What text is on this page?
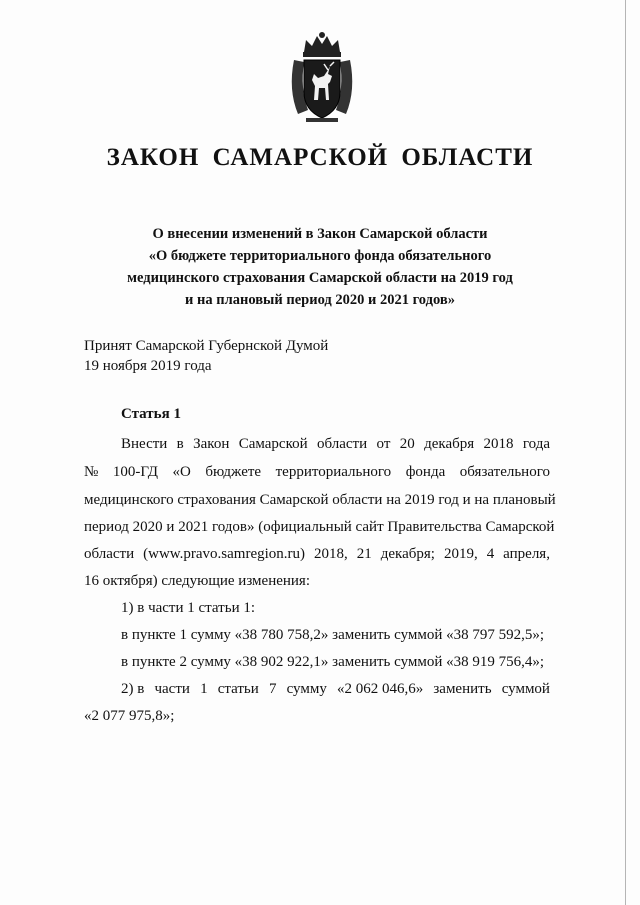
ЗАКОН САМАРСКОЙ ОБЛАСТИ
О внесении изменений в Закон Самарской области
«О бюджете территориального фонда обязательного
медицинского страхования Самарской области на 2019 год
и на плановый период 2020 и 2021 годов»
Принят Самарской Губернской Думой
19 ноября 2019 года
Статья 1
Внести в Закон Самарской области от 20 декабря 2018 года
№ 100-ГД «О бюджете территориального фонда обязательного
медицинского страхования Самарской области на 2019 год и на плановый
период 2020 и 2021 годов» (официальный сайт Правительства Самарской
области (www.pravo.samregion.ru) 2018, 21 декабря; 2019, 4 апреля,
16 октября) следующие изменения:
1) в части 1 статьи 1:
в пункте 1 сумму «38 780 758,2» заменить суммой «38 797 592,5»;
в пункте 2 сумму «38 902 922,1» заменить суммой «38 919 756,4»;
2) в части 1 статьи 7 сумму «2 062 046,6» заменить суммой
«2 077 975,8»;
